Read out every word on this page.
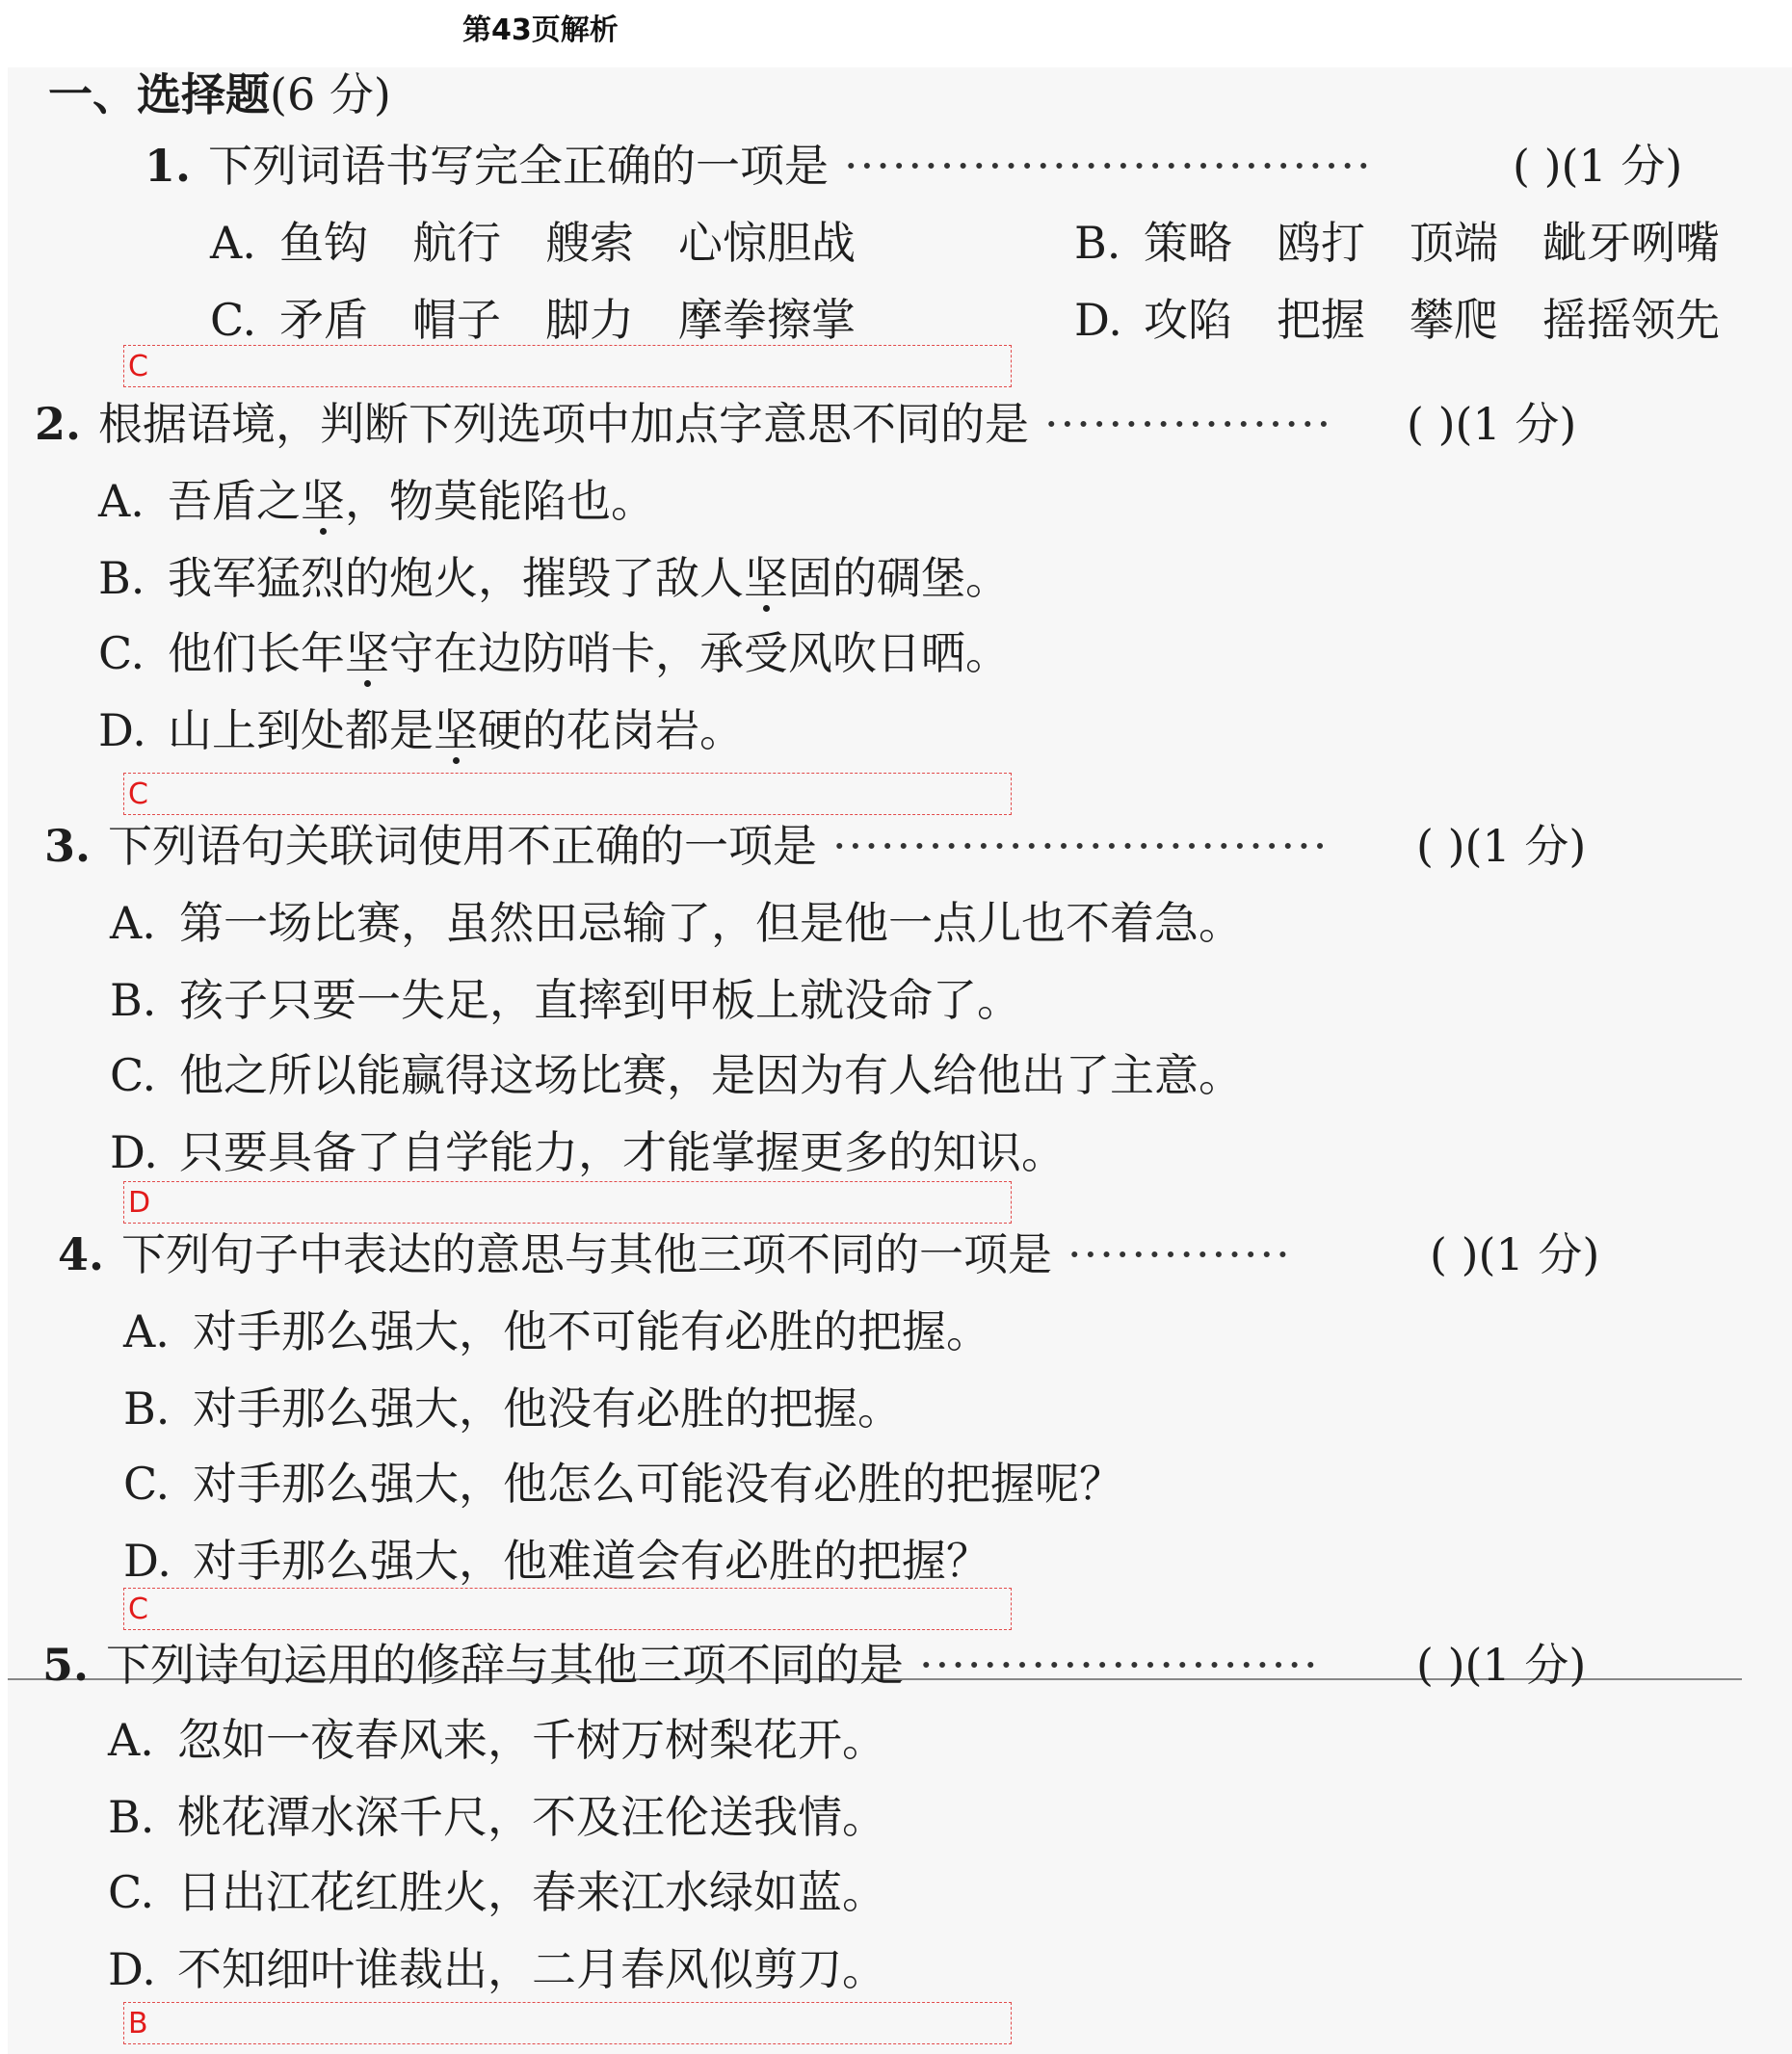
第43页解析
一、选择题(6 分)
1. 下列词语书写完全正确的一项是 ·································	( )(1 分)
A. 鱼钩 航行 艘索 心惊胆战	B. 策略 鸥打 顶端 龇牙咧嘴
C. 矛盾 帽子 脚力 摩拳擦掌	D. 攻陷 把握 攀爬 摇摇领先
C
2. 根据语境，判断下列选项中加点字意思不同的是 ··················	( )(1 分)
A. 吾盾之坚，物莫能陷也。
B. 我军猛烈的炮火，摧毁了敌人坚固的碉堡。
C. 他们长年坚守在边防哨卡，承受风吹日晒。
D. 山上到处都是坚硬的花岗岩。
C
3. 下列语句关联词使用不正确的一项是 ·······························	( )(1 分)
A. 第一场比赛，虽然田忌输了，但是他一点儿也不着急。
B. 孩子只要一失足，直摔到甲板上就没命了。
C. 他之所以能赢得这场比赛，是因为有人给他出了主意。
D. 只要具备了自学能力，才能掌握更多的知识。
D
4. 下列句子中表达的意思与其他三项不同的一项是 ··············	( )(1 分)
A. 对手那么强大，他不可能有必胜的把握。
B. 对手那么强大，他没有必胜的把握。
C. 对手那么强大，他怎么可能没有必胜的把握呢？
D. 对手那么强大，他难道会有必胜的把握？
C
5. 下列诗句运用的修辞与其他三项不同的是 ·························	( )(1 分)
A. 忽如一夜春风来，千树万树梨花开。
B. 桃花潭水深千尺，不及汪伦送我情。
C. 日出江花红胜火，春来江水绿如蓝。
D. 不知细叶谁裁出，二月春风似剪刀。
B
